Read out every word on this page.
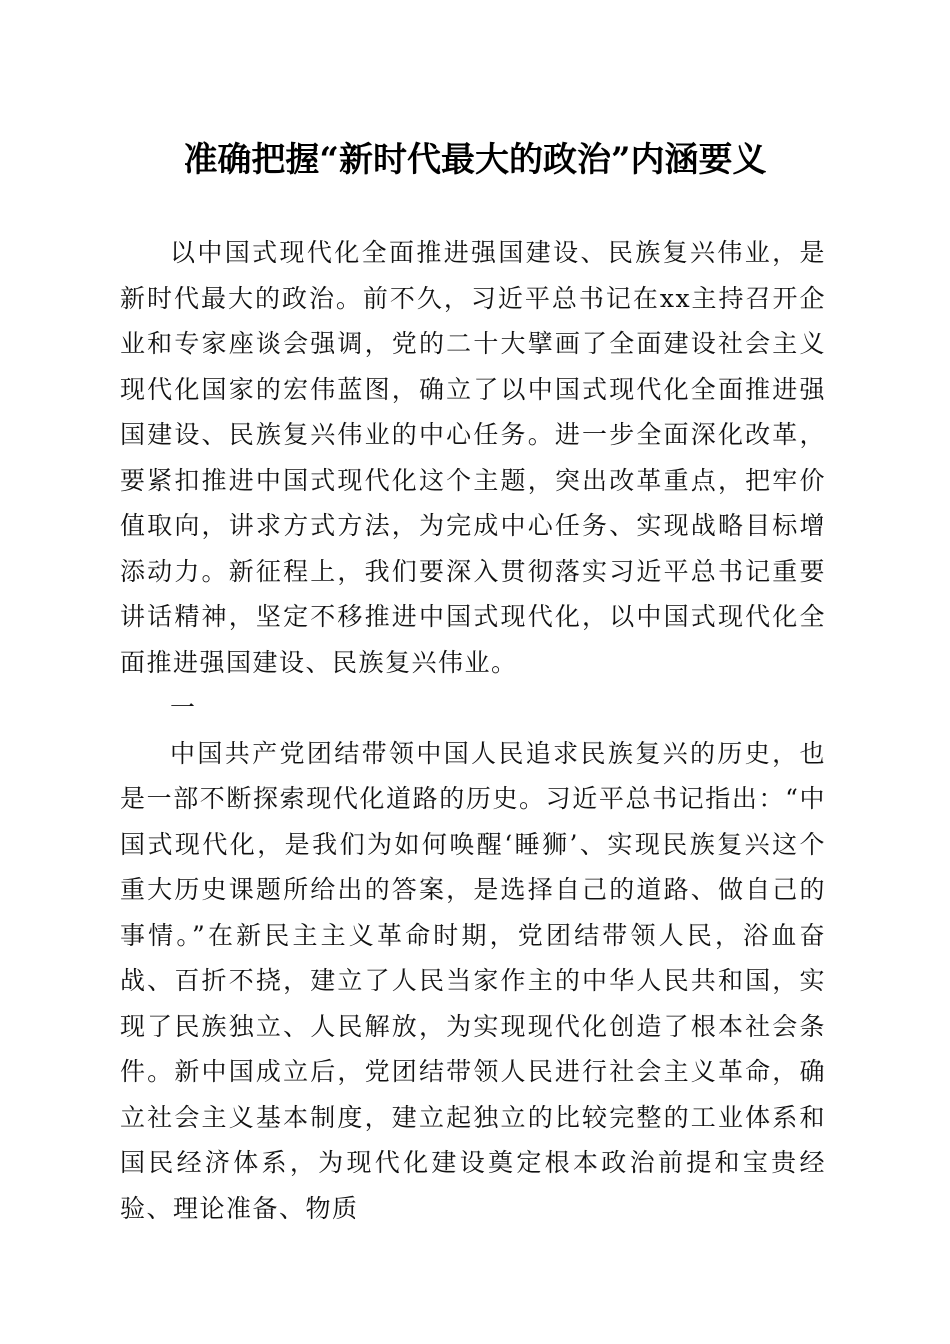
准确把握“新时代最大的政治”内涵要义

以中国式现代化全面推进强国建设、民族复兴伟业，是新时代最大的政治。前不久，习近平总书记在xx主持召开企业和专家座谈会强调，党的二十大擘画了全面建设社会主义现代化国家的宏伟蓝图，确立了以中国式现代化全面推进强国建设、民族复兴伟业的中心任务。进一步全面深化改革，要紧扣推进中国式现代化这个主题，突出改革重点，把牢价值取向，讲求方式方法，为完成中心任务、实现战略目标增添动力。新征程上，我们要深入贯彻落实习近平总书记重要讲话精神，坚定不移推进中国式现代化，以中国式现代化全面推进强国建设、民族复兴伟业。

一

中国共产党团结带领中国人民追求民族复兴的历史，也是一部不断探索现代化道路的历史。习近平总书记指出：“中国式现代化，是我们为如何唤醒‘睡狮’、实现民族复兴这个重大历史课题所给出的答案，是选择自己的道路、做自己的事情。”在新民主主义革命时期，党团结带领人民，浴血奋战、百折不挠，建立了人民当家作主的中华人民共和国，实现了民族独立、人民解放，为实现现代化创造了根本社会条件。新中国成立后，党团结带领人民进行社会主义革命，确立社会主义基本制度，建立起独立的比较完整的工业体系和国民经济体系，为现代化建设奠定根本政治前提和宝贵经验、理论准备、物质
